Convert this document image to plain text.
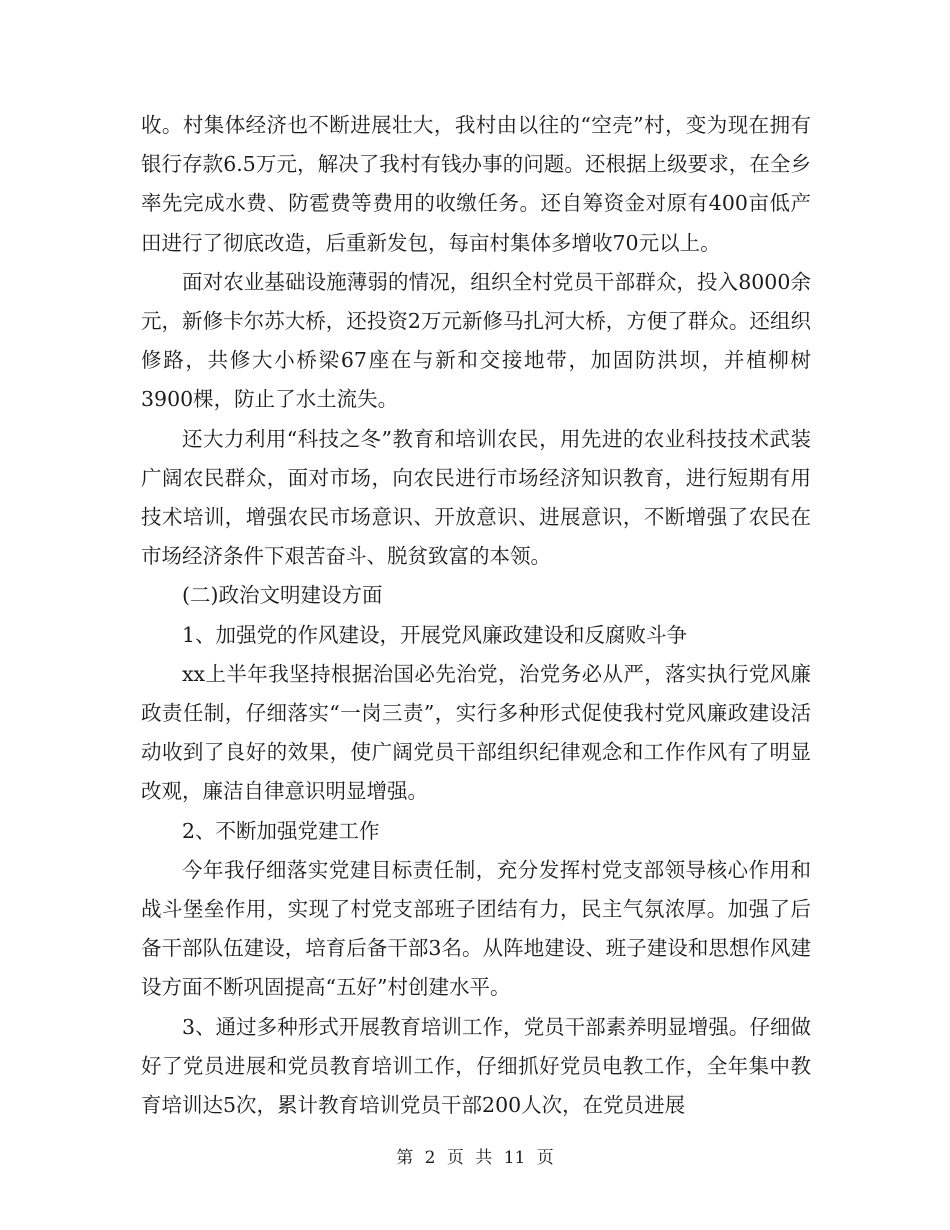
收。村集体经济也不断进展壮大，我村由以往的“空壳”村，变为现在拥有银行存款6.5万元，解决了我村有钱办事的问题。还根据上级要求，在全乡率先完成水费、防雹费等费用的收缴任务。还自筹资金对原有400亩低产田进行了彻底改造，后重新发包，每亩村集体多增收70元以上。

面对农业基础设施薄弱的情况，组织全村党员干部群众，投入8000余元，新修卡尔苏大桥，还投资2万元新修马扎河大桥，方便了群众。还组织修路，共修大小桥梁67座在与新和交接地带，加固防洪坝，并植柳树3900棵，防止了水土流失。

还大力利用“科技之冬”教育和培训农民，用先进的农业科技技术武装广阔农民群众，面对市场，向农民进行市场经济知识教育，进行短期有用技术培训，增强农民市场意识、开放意识、进展意识，不断增强了农民在市场经济条件下艰苦奋斗、脱贫致富的本领。

(二)政治文明建设方面

1、加强党的作风建设，开展党风廉政建设和反腐败斗争

xx上半年我坚持根据治国必先治党，治党务必从严，落实执行党风廉政责任制，仔细落实“一岗三责”，实行多种形式促使我村党风廉政建设活动收到了良好的效果，使广阔党员干部组织纪律观念和工作作风有了明显改观，廉洁自律意识明显增强。

2、不断加强党建工作

今年我仔细落实党建目标责任制，充分发挥村党支部领导核心作用和战斗堡垒作用，实现了村党支部班子团结有力，民主气氛浓厚。加强了后备干部队伍建设，培育后备干部3名。从阵地建设、班子建设和思想作风建设方面不断巩固提高“五好”村创建水平。

3、通过多种形式开展教育培训工作，党员干部素养明显增强。仔细做好了党员进展和党员教育培训工作，仔细抓好党员电教工作，全年集中教育培训达5次，累计教育培训党员干部200人次，在党员进展

第 2 页 共 11 页
